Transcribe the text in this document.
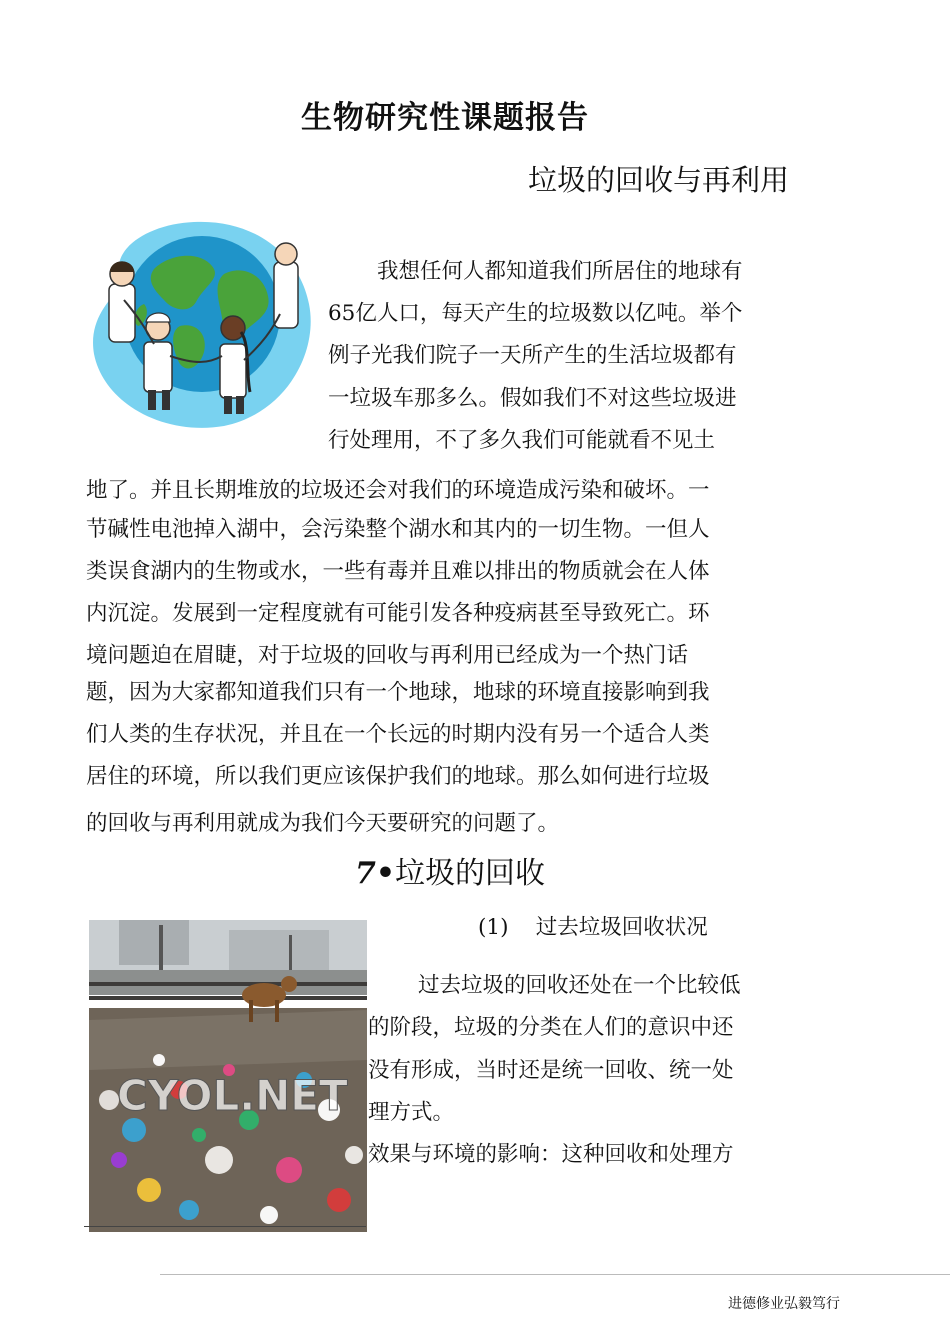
生物研究性课题报告
垃圾的回收与再利用
我想任何人都知道我们所居住的地球有
65亿人口，每天产生的垃圾数以亿吨。举个
例子光我们院子一天所产生的生活垃圾都有
一垃圾车那多么。假如我们不对这些垃圾进
行处理用，不了多久我们可能就看不见土
地了。并且长期堆放的垃圾还会对我们的环境造成污染和破坏。一
节碱性电池掉入湖中，会污染整个湖水和其内的一切生物。一但人
类误食湖内的生物或水，一些有毒并且难以排出的物质就会在人体
内沉淀。发展到一定程度就有可能引发各种疫病甚至导致死亡。环
境问题迫在眉睫，对于垃圾的回收与再利用已经成为一个热门话
题，因为大家都知道我们只有一个地球，地球的环境直接影响到我
们人类的生存状况，并且在一个长远的时期内没有另一个适合人类
居住的环境，所以我们更应该保护我们的地球。那么如何进行垃圾
的回收与再利用就成为我们今天要研究的问题了。
7•垃圾的回收
CYOL.NET
(1)    过去垃圾回收状况
过去垃圾的回收还处在一个比较低
的阶段，垃圾的分类在人们的意识中还
没有形成，当时还是统一回收、统一处
理方式。
效果与环境的影响：这种回收和处理方
进德修业弘毅笃行
